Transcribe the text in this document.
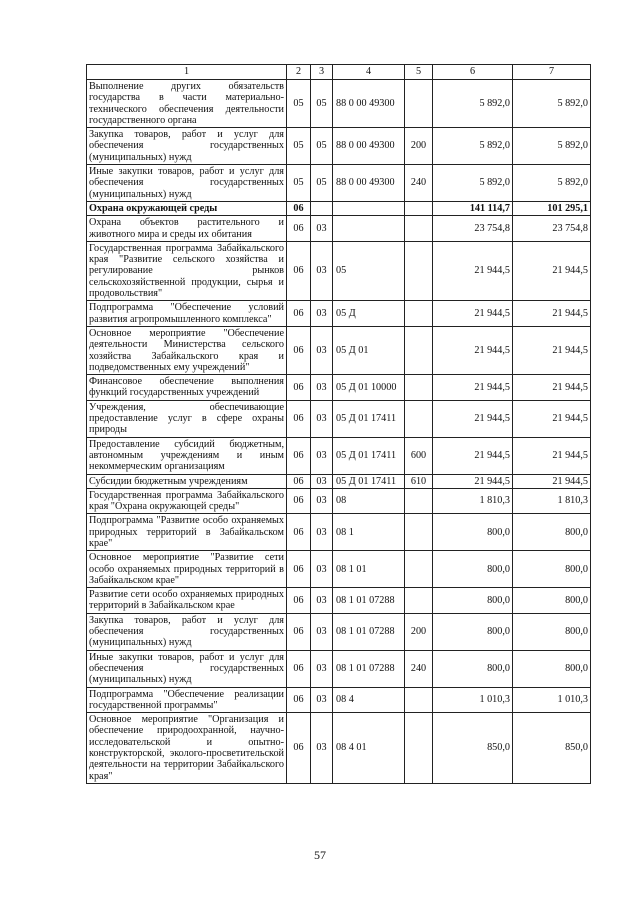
1	2	3	4	5	6	7
Выполнение других обязательств государства в части материально-технического обеспечения деятельности государственного органа	05	05	88 0 00 49300		5 892,0	5 892,0
Закупка товаров, работ и услуг для обеспечения государственных (муниципальных) нужд	05	05	88 0 00 49300	200	5 892,0	5 892,0
Иные закупки товаров, работ и услуг для обеспечения государственных (муниципальных) нужд	05	05	88 0 00 49300	240	5 892,0	5 892,0
Охрана окружающей среды	06				141 114,7	101 295,1
Охрана объектов растительного и животного мира и среды их обитания	06	03			23 754,8	23 754,8
Государственная программа Забайкальского края "Развитие сельского хозяйства и регулирование рынков сельскохозяйственной продукции, сырья и продовольствия"	06	03	05		21 944,5	21 944,5
Подпрограмма "Обеспечение условий развития агропромышленного комплекса"	06	03	05 Д		21 944,5	21 944,5
Основное мероприятие "Обеспечение деятельности Министерства сельского хозяйства Забайкальского края и подведомственных ему учреждений"	06	03	05 Д 01		21 944,5	21 944,5
Финансовое обеспечение выполнения функций государственных учреждений	06	03	05 Д 01 10000		21 944,5	21 944,5
Учреждения, обеспечивающие предоставление услуг в сфере охраны природы	06	03	05 Д 01 17411		21 944,5	21 944,5
Предоставление субсидий бюджетным, автономным учреждениям и иным некоммерческим организациям	06	03	05 Д 01 17411	600	21 944,5	21 944,5
Субсидии бюджетным учреждениям	06	03	05 Д 01 17411	610	21 944,5	21 944,5
Государственная программа Забайкальского края "Охрана окружающей среды"	06	03	08		1 810,3	1 810,3
Подпрограмма "Развитие особо охраняемых природных территорий в Забайкальском крае"	06	03	08 1		800,0	800,0
Основное мероприятие "Развитие сети особо охраняемых природных территорий в Забайкальском крае"	06	03	08 1 01		800,0	800,0
Развитие сети особо охраняемых природных территорий в Забайкальском крае	06	03	08 1 01 07288		800,0	800,0
Закупка товаров, работ и услуг для обеспечения государственных (муниципальных) нужд	06	03	08 1 01 07288	200	800,0	800,0
Иные закупки товаров, работ и услуг для обеспечения государственных (муниципальных) нужд	06	03	08 1 01 07288	240	800,0	800,0
Подпрограмма "Обеспечение реализации государственной программы"	06	03	08 4		1 010,3	1 010,3
Основное мероприятие "Организация и обеспечение природоохранной, научно-исследовательской и опытно-конструкторской, эколого-просветительской деятельности на территории Забайкальского края"	06	03	08 4 01		850,0	850,0
57
